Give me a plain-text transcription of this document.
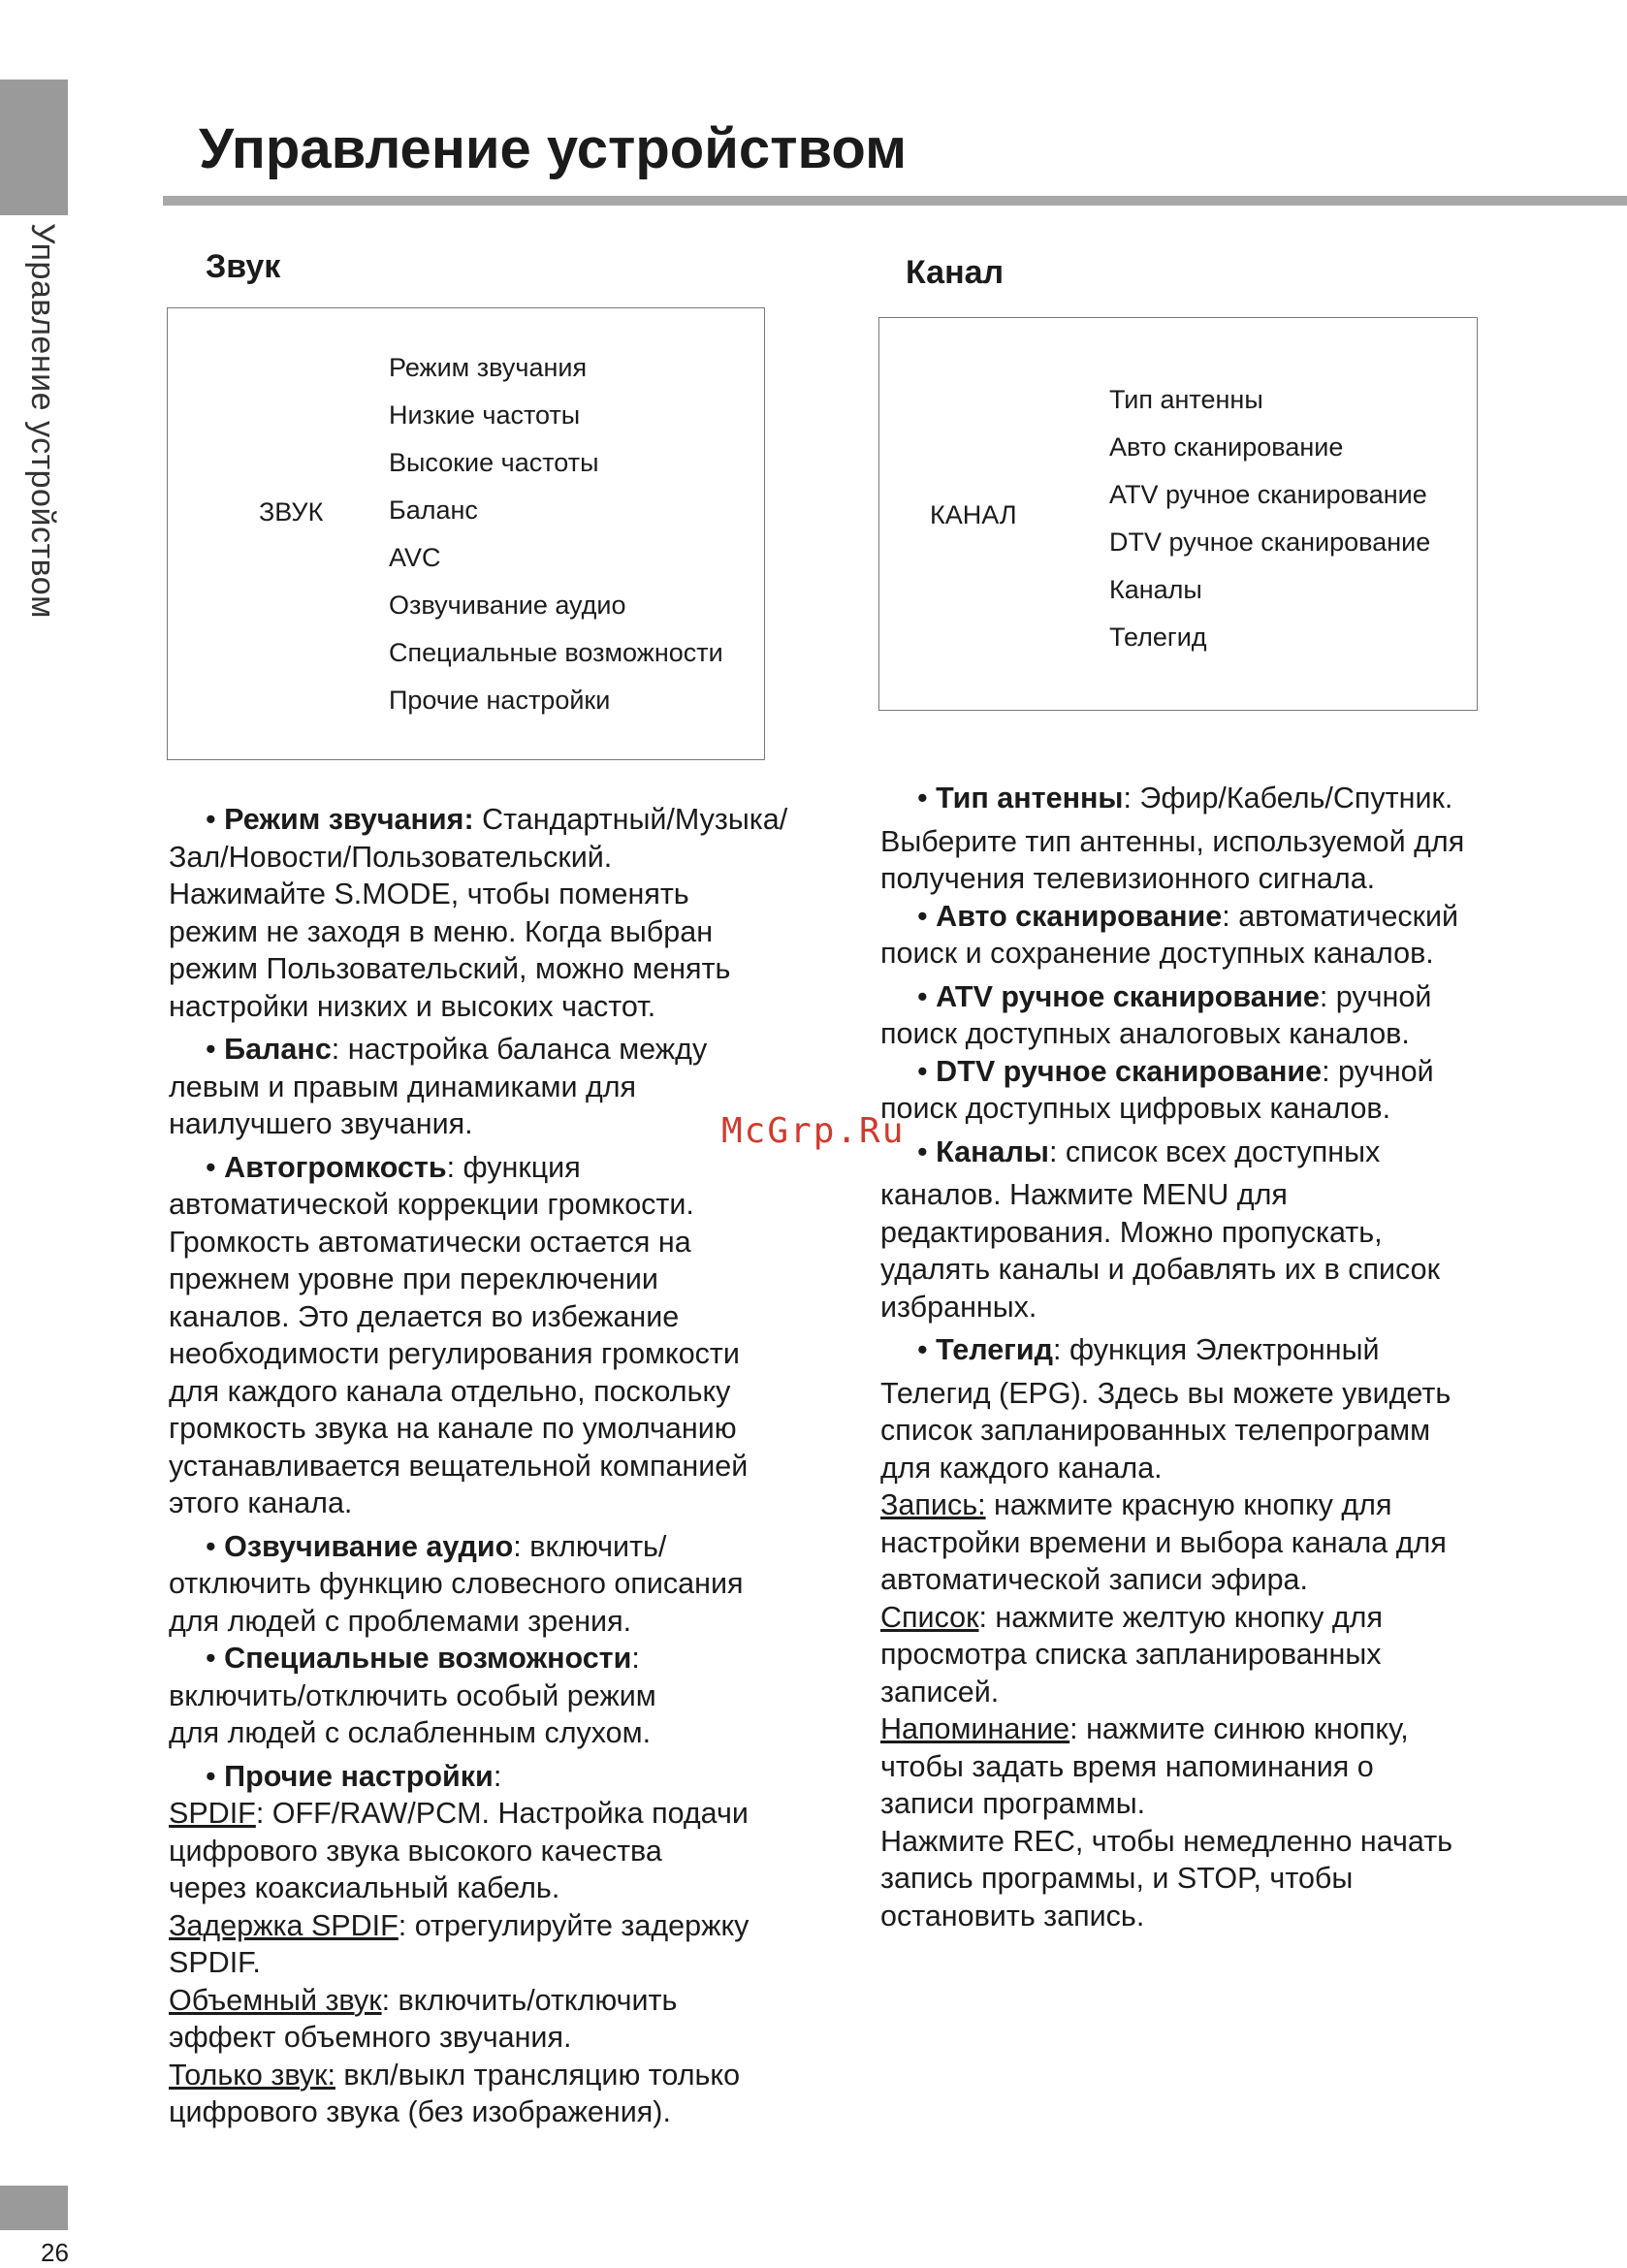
Управление устройством
26
Управление устройством
Звук
ЗВУК
Режим звучания
Низкие частоты
Высокие частоты
Баланс
AVC
Озвучивание аудио
Специальные возможности
Прочие настройки
Канал
КАНАЛ
Тип антенны
Авто сканирование
ATV ручное сканирование
DTV ручное сканирование
Каналы
Телегид

• Режим звучания: Стандартный/Музыка/

Зал/Новости/Пользовательский.

Нажимайте S.MODE, чтобы поменять

режим не заходя в меню. Когда выбран

режим Пользовательский, можно менять

настройки низких и высоких частот.

• Баланс: настройка баланса между

левым и правым динамиками для

наилучшего звучания.

• Автогромкость: функция

автоматической коррекции громкости.

Громкость автоматически остается на

прежнем уровне при переключении

каналов. Это делается во избежание

необходимости регулирования громкости

для каждого канала отдельно, поскольку

громкость звука на канале по умолчанию

устанавливается вещательной компанией

этого канала.

• Озвучивание аудио: включить/

отключить функцию словесного описания

для людей с проблемами зрения.

• Специальные возможности:

включить/отключить особый режим

для людей с ослабленным слухом.

• Прочие настройки:

SPDIF: OFF/RAW/PCM. Настройка подачи

цифрового звука высокого качества

через коаксиальный кабель.

Задержка SPDIF: отрегулируйте задержку

SPDIF.

Объемный звук: включить/отключить

эффект объемного звучания.

Только звук: вкл/выкл трансляцию только

цифрового звука (без изображения).

• Тип антенны: Эфир/Кабель/Спутник.

Выберите тип антенны, используемой для

получения телевизионного сигнала.

• Авто сканирование: автоматический

поиск и сохранение доступных каналов.

• ATV ручное сканирование: ручной

поиск доступных аналоговых каналов.

• DTV ручное сканирование: ручной

поиск доступных цифровых каналов.

• Каналы: список всех доступных

каналов. Нажмите MENU для

редактирования. Можно пропускать,

удалять каналы и добавлять их в список

избранных.

• Телегид: функция Электронный

Телегид (EPG). Здесь вы можете увидеть

список запланированных телепрограмм

для каждого канала.

Запись: нажмите красную кнопку для

настройки времени и выбора канала для

автоматической записи эфира.

Список: нажмите желтую кнопку для

просмотра списка запланированных

записей.

Напоминание: нажмите синюю кнопку,

чтобы задать время напоминания о

записи программы.

Нажмите REC, чтобы немедленно начать

запись программы, и STOP, чтобы

остановить запись.

McGrp.Ru
